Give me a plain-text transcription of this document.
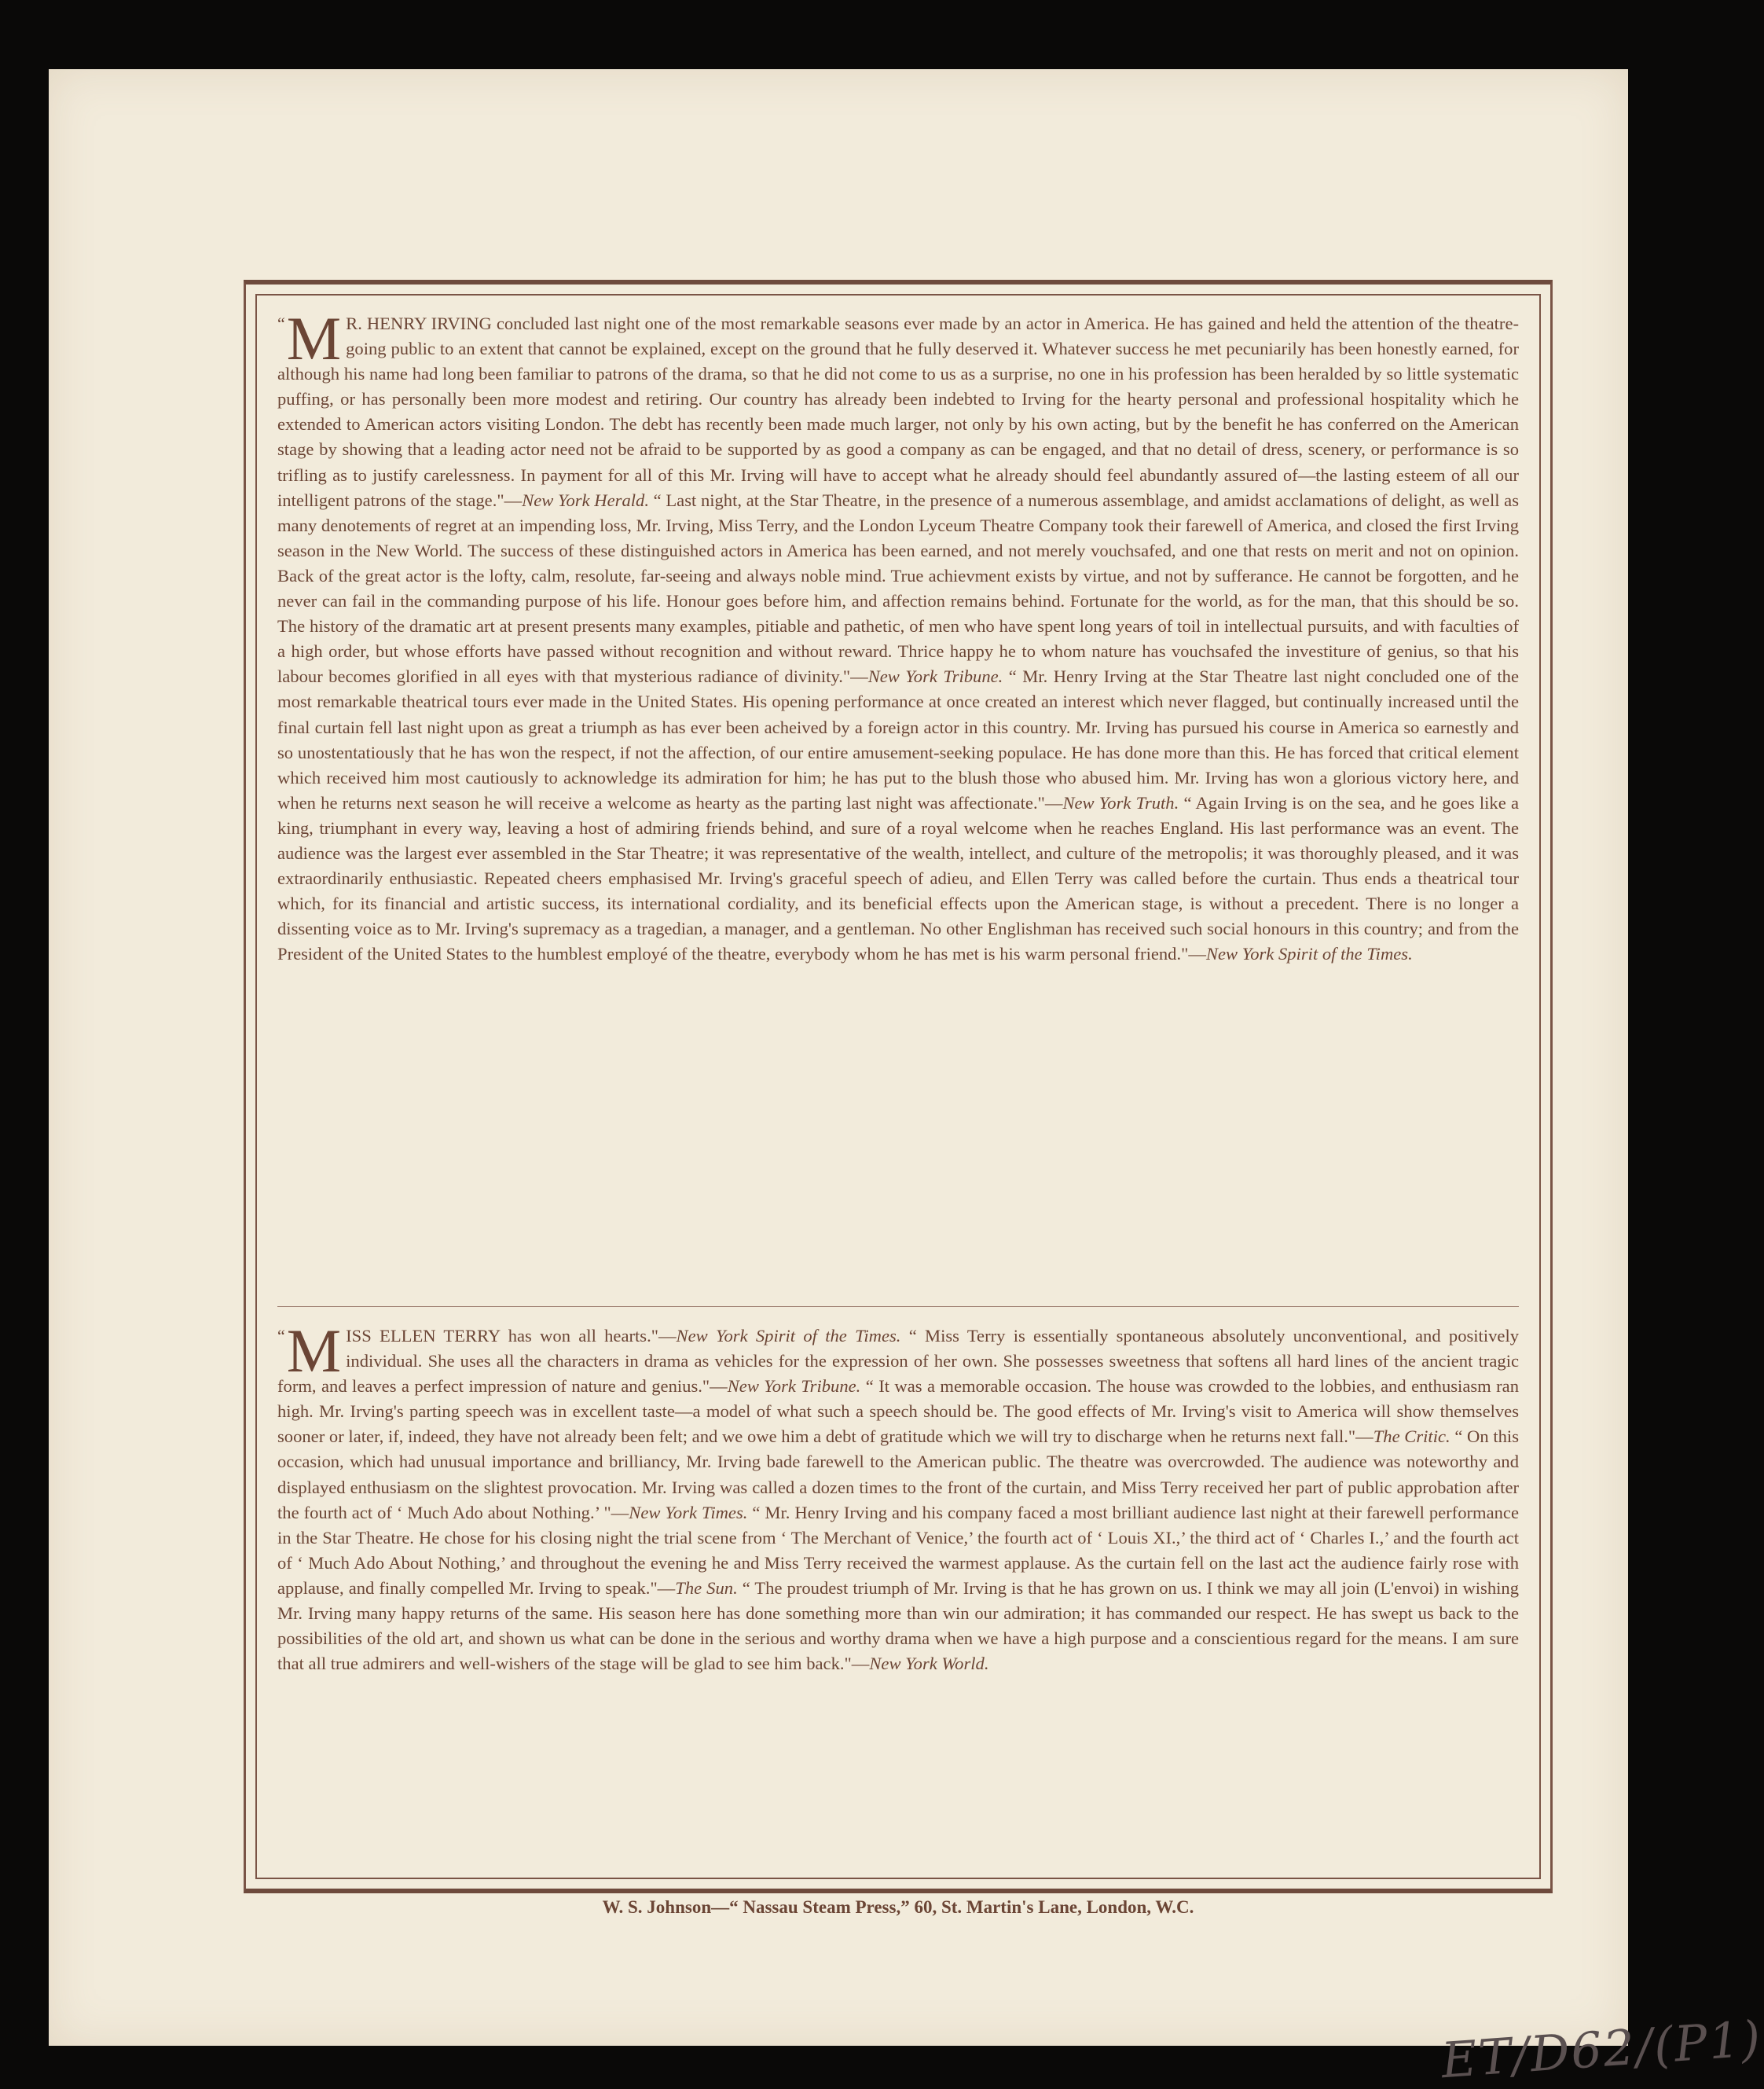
“ M R. HENRY IRVING concluded last night one of the most remarkable seasons ever made by an actor in America. He has gained and held the attention of the theatre-going public to an extent that cannot be explained, except on the ground that he fully deserved it. Whatever success he met pecuniarily has been honestly earned, for although his name had long been familiar to patrons of the drama, so that he did not come to us as a surprise, no one in his profession has been heralded by so little systematic puffing, or has personally been more modest and retiring. Our country has already been indebted to Irving for the hearty personal and professional hospitality which he extended to American actors visiting London. The debt has recently been made much larger, not only by his own acting, but by the benefit he has conferred on the American stage by showing that a leading actor need not be afraid to be supported by as good a company as can be engaged, and that no detail of dress, scenery, or performance is so trifling as to justify carelessness. In payment for all of this Mr. Irving will have to accept what he already should feel abundantly assured of—the lasting esteem of all our intelligent patrons of the stage."—New York Herald. “ Last night, at the Star Theatre, in the presence of a numerous assemblage, and amidst acclamations of delight, as well as many denotements of regret at an impending loss, Mr. Irving, Miss Terry, and the London Lyceum Theatre Company took their farewell of America, and closed the first Irving season in the New World. The success of these distinguished actors in America has been earned, and not merely vouchsafed, and one that rests on merit and not on opinion. Back of the great actor is the lofty, calm, resolute, far-seeing and always noble mind. True achievment exists by virtue, and not by sufferance. He cannot be forgotten, and he never can fail in the commanding purpose of his life. Honour goes before him, and affection remains behind. Fortunate for the world, as for the man, that this should be so. The history of the dramatic art at present presents many examples, pitiable and pathetic, of men who have spent long years of toil in intellectual pursuits, and with faculties of a high order, but whose efforts have passed without recognition and without reward. Thrice happy he to whom nature has vouchsafed the investiture of genius, so that his labour becomes glorified in all eyes with that mysterious radiance of divinity."—New York Tribune. “ Mr. Henry Irving at the Star Theatre last night concluded one of the most remarkable theatrical tours ever made in the United States. His opening performance at once created an interest which never flagged, but continually increased until the final curtain fell last night upon as great a triumph as has ever been acheived by a foreign actor in this country. Mr. Irving has pursued his course in America so earnestly and so unostentatiously that he has won the respect, if not the affection, of our entire amusement-seeking populace. He has done more than this. He has forced that critical element which received him most cautiously to acknowledge its admiration for him; he has put to the blush those who abused him. Mr. Irving has won a glorious victory here, and when he returns next season he will receive a welcome as hearty as the parting last night was affectionate."—New York Truth. “ Again Irving is on the sea, and he goes like a king, triumphant in every way, leaving a host of admiring friends behind, and sure of a royal welcome when he reaches England. His last performance was an event. The audience was the largest ever assembled in the Star Theatre; it was representative of the wealth, intellect, and culture of the metropolis; it was thoroughly pleased, and it was extraordinarily enthusiastic. Repeated cheers emphasised Mr. Irving's graceful speech of adieu, and Ellen Terry was called before the curtain. Thus ends a theatrical tour which, for its financial and artistic success, its international cordiality, and its beneficial effects upon the American stage, is without a precedent. There is no longer a dissenting voice as to Mr. Irving's supremacy as a tragedian, a manager, and a gentleman. No other Englishman has received such social honours in this country; and from the President of the United States to the humblest employé of the theatre, everybody whom he has met is his warm personal friend."—New York Spirit of the Times.

“ M ISS ELLEN TERRY has won all hearts."—New York Spirit of the Times. “ Miss Terry is essentially spontaneous absolutely unconventional, and positively individual. She uses all the characters in drama as vehicles for the expression of her own. She possesses sweetness that softens all hard lines of the ancient tragic form, and leaves a perfect impression of nature and genius."—New York Tribune. “ It was a memorable occasion. The house was crowded to the lobbies, and enthusiasm ran high. Mr. Irving's parting speech was in excellent taste—a model of what such a speech should be. The good effects of Mr. Irving's visit to America will show themselves sooner or later, if, indeed, they have not already been felt; and we owe him a debt of gratitude which we will try to discharge when he returns next fall."—The Critic. “ On this occasion, which had unusual importance and brilliancy, Mr. Irving bade farewell to the American public. The theatre was overcrowded. The audience was noteworthy and displayed enthusiasm on the slightest provocation. Mr. Irving was called a dozen times to the front of the curtain, and Miss Terry received her part of public approbation after the fourth act of ‘ Much Ado about Nothing.’ "—New York Times. “ Mr. Henry Irving and his company faced a most brilliant audience last night at their farewell performance in the Star Theatre. He chose for his closing night the trial scene from ‘ The Merchant of Venice,’ the fourth act of ‘ Louis XI.,’ the third act of ‘ Charles I.,’ and the fourth act of ‘ Much Ado About Nothing,’ and throughout the evening he and Miss Terry received the warmest applause. As the curtain fell on the last act the audience fairly rose with applause, and finally compelled Mr. Irving to speak."—The Sun. “ The proudest triumph of Mr. Irving is that he has grown on us. I think we may all join (L'envoi) in wishing Mr. Irving many happy returns of the same. His season here has done something more than win our admiration; it has commanded our respect. He has swept us back to the possibilities of the old art, and shown us what can be done in the serious and worthy drama when we have a high purpose and a conscientious regard for the means. I am sure that all true admirers and well-wishers of the stage will be glad to see him back."—New York World.

W. S. Johnson—“ Nassau Steam Press,” 60, St. Martin's Lane, London, W.C.
ET/D62/(P1)
